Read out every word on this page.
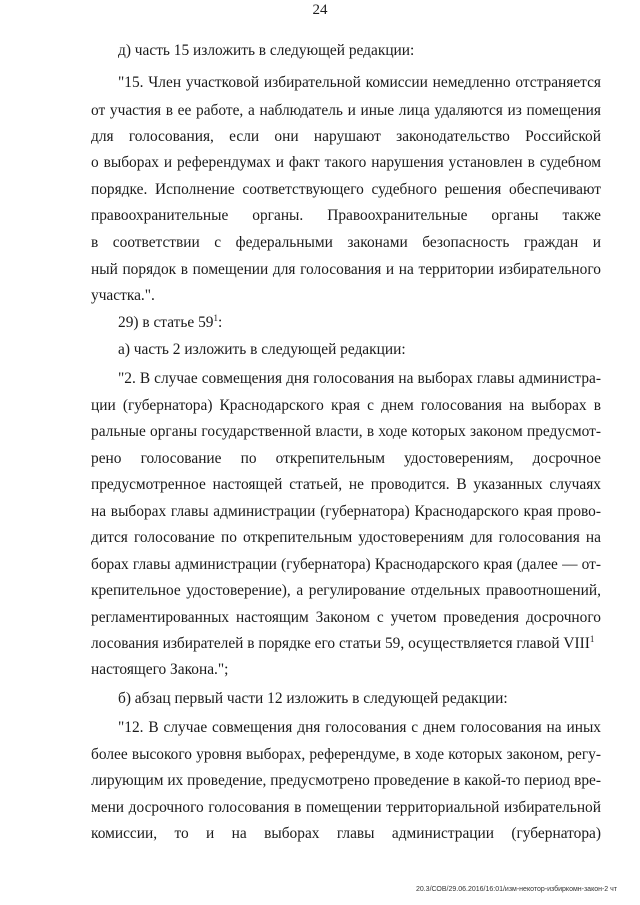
24
д) часть 15 изложить в следующей редакции:
"15. Член участковой избирательной комиссии немедленно отстраняется
от участия в ее работе, а наблюдатель и иные лица удаляются из помещения
для голосования, если они нарушают законодательство Российской
о выборах и референдумах и факт такого нарушения установлен в судебном
порядке. Исполнение соответствующего судебного решения обеспечивают
правоохранительные органы. Правоохранительные органы также
в соответствии с федеральными законами безопасность граждан и
ный порядок в помещении для голосования и на территории избирательного
участка.".
29) в статье $59^1$:
а) часть 2 изложить в следующей редакции:
"2. В случае совмещения дня голосования на выборах главы администра-
ции (губернатора) Краснодарского края с днем голосования на выборах в
ральные органы государственной власти, в ходе которых законом предусмот-
рено голосование по открепительным удостоверениям, досрочное
предусмотренное настоящей статьей, не проводится. В указанных случаях
на выборах главы администрации (губернатора) Краснодарского края прово-
дится голосование по открепительным удостоверениям для голосования на
борах главы администрации (губернатора) Краснодарского края (далее — от-
крепительное удостоверение), а регулирование отдельных правоотношений,
регламентированных настоящим Законом с учетом проведения досрочного
лосования избирателей в порядке его статьи 59, осуществляется главой VIII$^1$
настоящего Закона.";
б) абзац первый части 12 изложить в следующей редакции:
"12. В случае совмещения дня голосования с днем голосования на иных
более высокого уровня выборах, референдуме, в ходе которых законом, регу-
лирующим их проведение, предусмотрено проведение в какой-то период вре-
мени досрочного голосования в помещении территориальной избирательной
комиссии, то и на выборах главы администрации (губернатора)
20.3/СОВ/29.06.2016/16:01/изм-некотор-избиркомн-закон-2 чт
